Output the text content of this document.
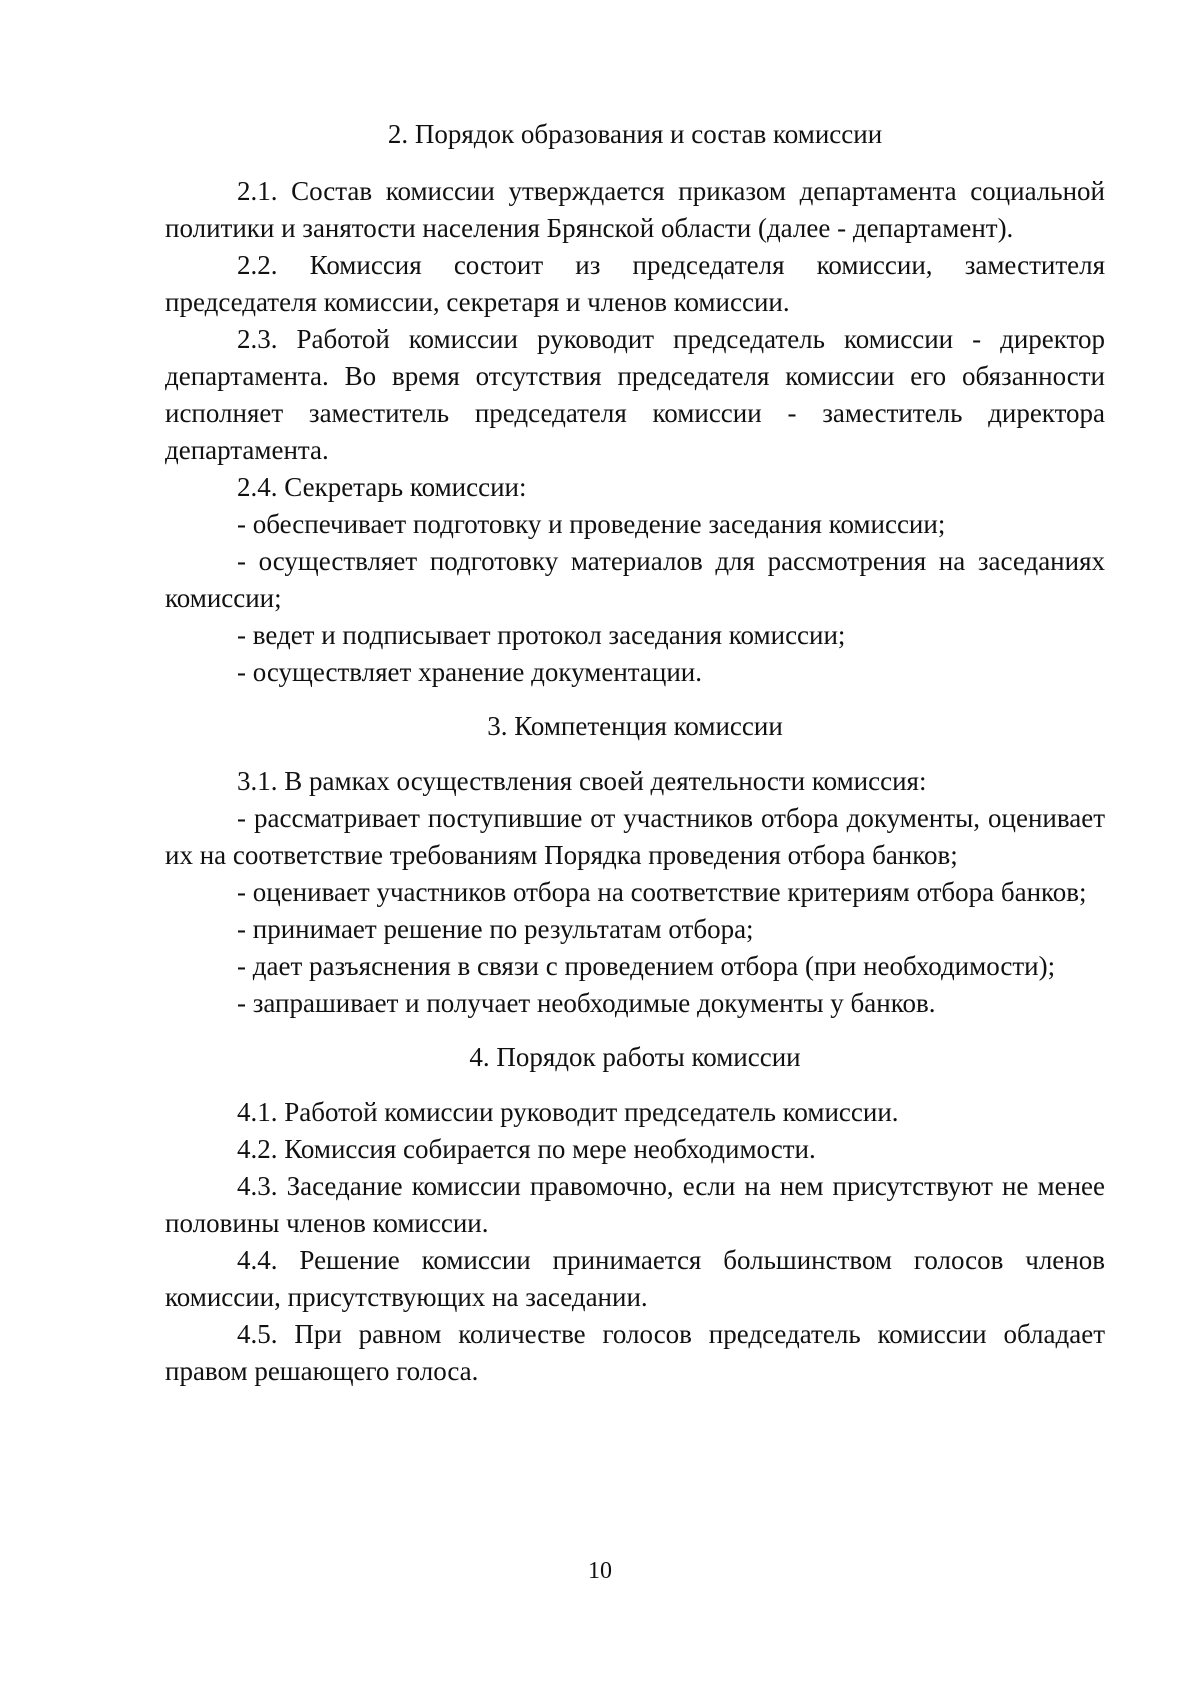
2. Порядок образования и состав комиссии

2.1. Состав комиссии утверждается приказом департамента социальной политики и занятости населения Брянской области (далее - департамент).

2.2. Комиссия состоит из председателя комиссии, заместителя председателя комиссии, секретаря и членов комиссии.

2.3. Работой комиссии руководит председатель комиссии - директор департамента. Во время отсутствия председателя комиссии его обязанности исполняет заместитель председателя комиссии - заместитель директора департамента.

2.4. Секретарь комиссии:

- обеспечивает подготовку и проведение заседания комиссии;

- осуществляет подготовку материалов для рассмотрения на заседаниях комиссии;

- ведет и подписывает протокол заседания комиссии;

- осуществляет хранение документации.

3. Компетенция комиссии

3.1. В рамках осуществления своей деятельности комиссия:

- рассматривает поступившие от участников отбора документы, оценивает их на соответствие требованиям Порядка проведения отбора банков;

- оценивает участников отбора на соответствие критериям отбора банков;

- принимает решение по результатам отбора;

- дает разъяснения в связи с проведением отбора (при необходимости);

- запрашивает и получает необходимые документы у банков.

4. Порядок работы комиссии

4.1. Работой комиссии руководит председатель комиссии.

4.2. Комиссия собирается по мере необходимости.

4.3. Заседание комиссии правомочно, если на нем присутствуют не менее половины членов комиссии.

4.4. Решение комиссии принимается большинством голосов членов комиссии, присутствующих на заседании.

4.5. При равном количестве голосов председатель комиссии обладает правом решающего голоса.

10
